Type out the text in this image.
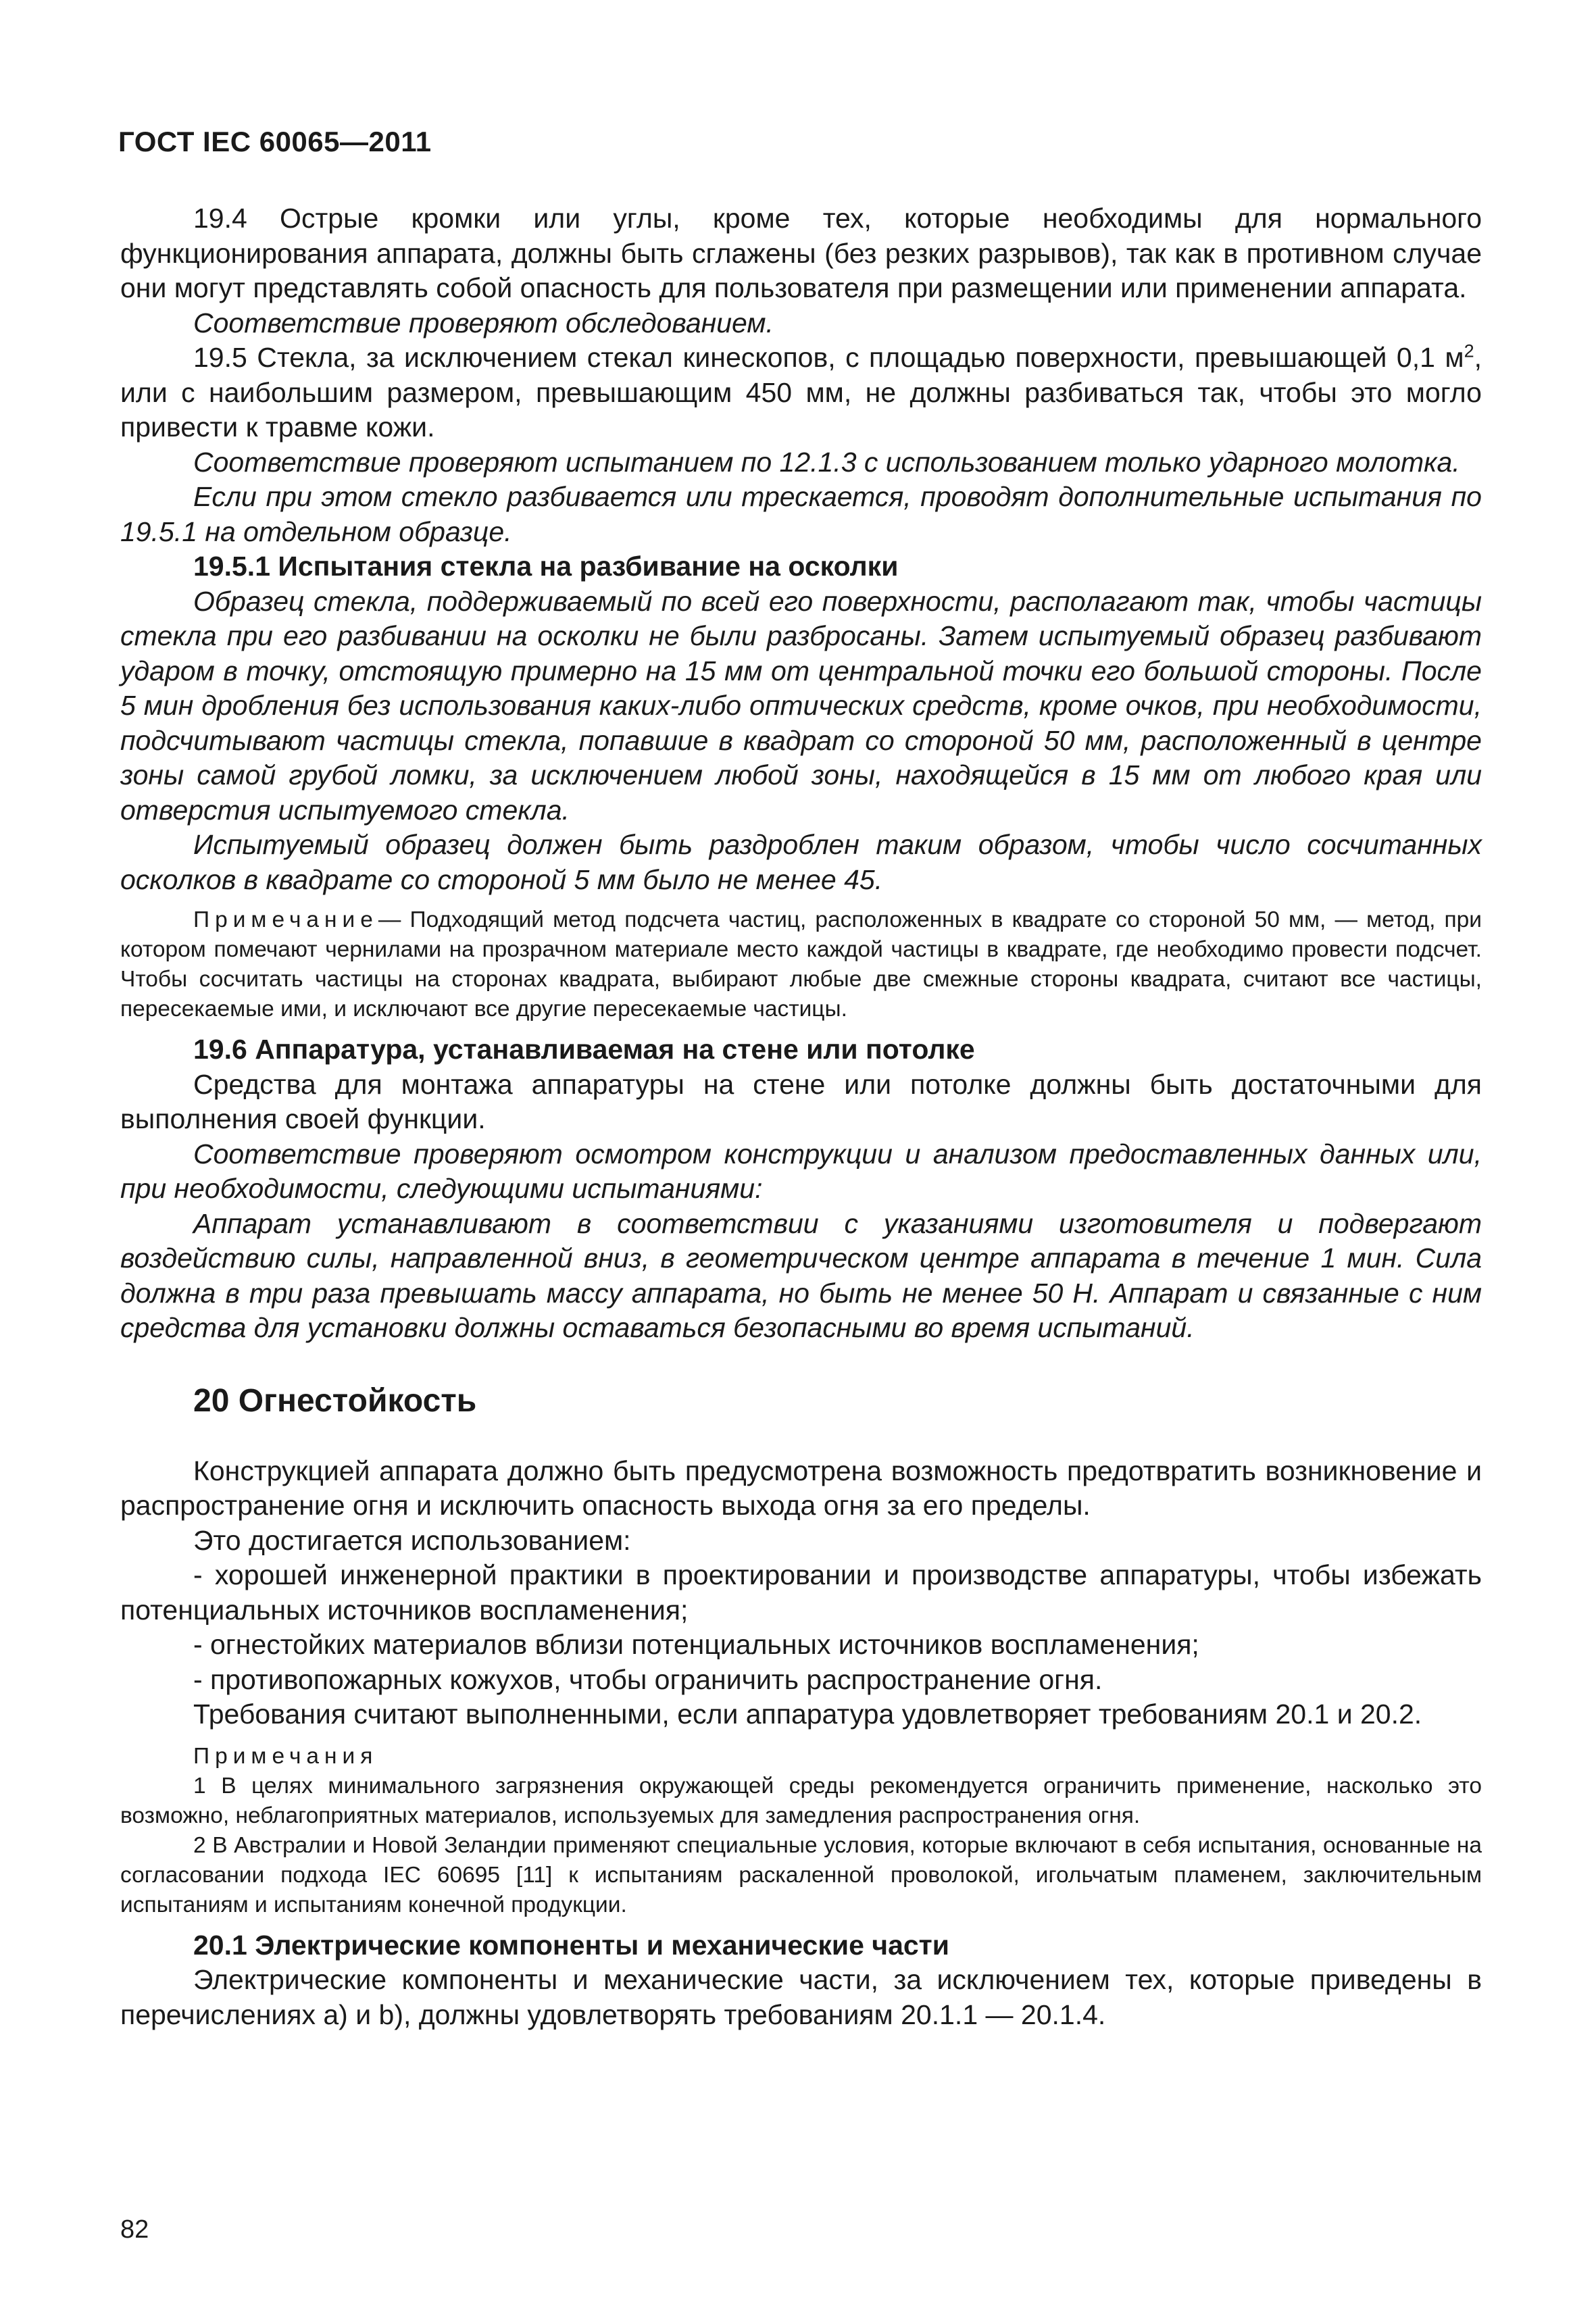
ГОСТ IEC 60065—2011

19.4 Острые кромки или углы, кроме тех, которые необходимы для нормального функционирования аппарата, должны быть сглажены (без резких разрывов), так как в противном случае они могут представлять собой опасность для пользователя при размещении или применении аппарата.

Соответствие проверяют обследованием.

19.5 Стекла, за исключением стекал кинескопов, с площадью поверхности, превышающей 0,1 $м^2$, или с наибольшим размером, превышающим 450 мм, не должны разбиваться так, чтобы это могло привести к травме кожи.

Соответствие проверяют испытанием по 12.1.3 с использованием только ударного молотка.

Если при этом стекло разбивается или трескается, проводят дополнительные испытания по 19.5.1 на отдельном образце.

19.5.1 Испытания стекла на разбивание на осколки

Образец стекла, поддерживаемый по всей его поверхности, располагают так, чтобы частицы стекла при его разбивании на осколки не были разбросаны. Затем испытуемый образец разбивают ударом в точку, отстоящую примерно на 15 мм от центральной точки его большой стороны. После 5 мин дробления без использования каких-либо оптических средств, кроме очков, при необходимости, подсчитывают частицы стекла, попавшие в квадрат со стороной 50 мм, расположенный в центре зоны самой грубой ломки, за исключением любой зоны, находящейся в 15 мм от любого края или отверстия испытуемого стекла.

Испытуемый образец должен быть раздроблен таким образом, чтобы число сосчитанных осколков в квадрате со стороной 5 мм было не менее 45.

Примечание— Подходящий метод подсчета частиц, расположенных в квадрате со стороной 50 мм, — метод, при котором помечают чернилами на прозрачном материале место каждой частицы в квадрате, где необходимо провести подсчет. Чтобы сосчитать частицы на сторонах квадрата, выбирают любые две смежные стороны квадрата, считают все частицы, пересекаемые ими, и исключают все другие пересекаемые частицы.

19.6 Аппаратура, устанавливаемая на стене или потолке

Средства для монтажа аппаратуры на стене или потолке должны быть достаточными для выполнения своей функции.

Соответствие проверяют осмотром конструкции и анализом предоставленных данных или, при необходимости, следующими испытаниями:

Аппарат устанавливают в соответствии с указаниями изготовителя и подвергают воздействию силы, направленной вниз, в геометрическом центре аппарата в течение 1 мин. Сила должна в три раза превышать массу аппарата, но быть не менее 50 Н. Аппарат и связанные с ним средства для установки должны оставаться безопасными во время испытаний.

20 Огнестойкость

Конструкцией аппарата должно быть предусмотрена возможность предотвратить возникновение и распространение огня и исключить опасность выхода огня за его пределы.

Это достигается использованием:

- хорошей инженерной практики в проектировании и производстве аппаратуры, чтобы избежать потенциальных источников воспламенения;

- огнестойких материалов вблизи потенциальных источников воспламенения;

- противопожарных кожухов, чтобы ограничить распространение огня.

Требования считают выполненными, если аппаратура удовлетворяет требованиям 20.1 и 20.2.

Примечания

1 В целях минимального загрязнения окружающей среды рекомендуется ограничить применение, насколько это возможно, неблагоприятных материалов, используемых для замедления распространения огня.

2 В Австралии и Новой Зеландии применяют специальные условия, которые включают в себя испытания, основанные на согласовании подхода IEC 60695 [11] к испытаниям раскаленной проволокой, игольчатым пламенем, заключительным испытаниям и испытаниям конечной продукции.

20.1 Электрические компоненты и механические части

Электрические компоненты и механические части, за исключением тех, которые приведены в перечислениях a) и b), должны удовлетворять требованиям 20.1.1 — 20.1.4.

82
